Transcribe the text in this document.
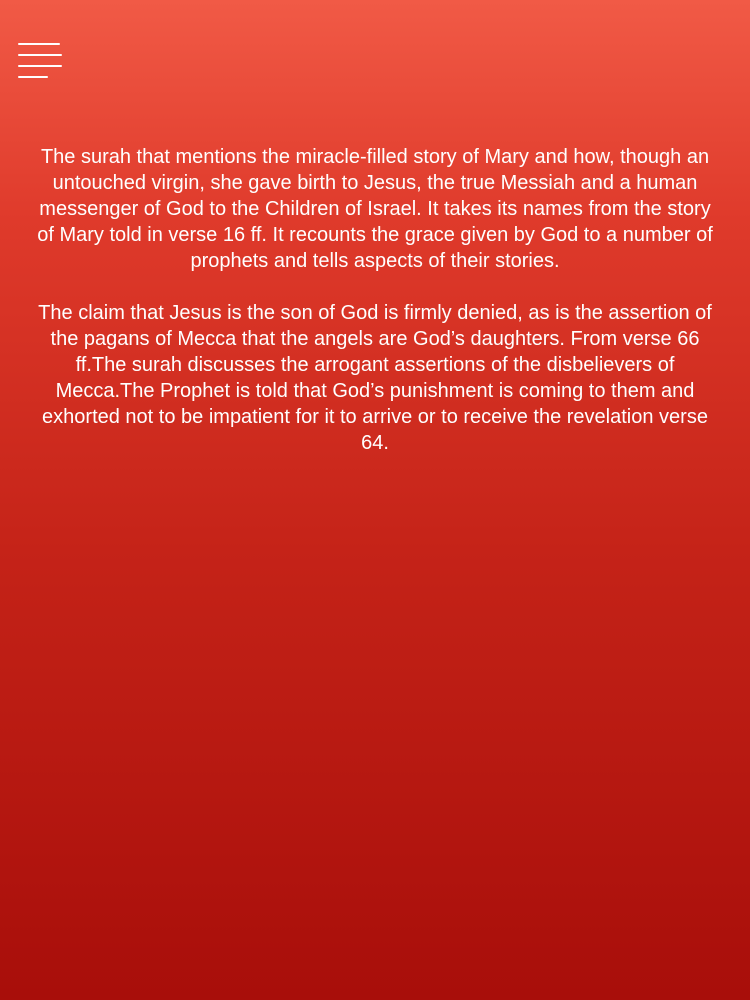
The surah that mentions the miracle-filled story of Mary and how, though an untouched virgin, she gave birth to Jesus, the true Messiah and a human messenger of God to the Children of Israel. It takes its names from the story of Mary told in verse 16 ff. It recounts the grace given by God to a number of prophets and tells aspects of their stories.

The claim that Jesus is the son of God is firmly denied, as is the assertion of the pagans of Mecca that the angels are God’s daughters. From verse 66 ff.The surah discusses the arrogant assertions of the disbelievers of Mecca.The Prophet is told that God’s punishment is coming to them and exhorted not to be impatient for it to arrive or to receive the revelation verse 64.
